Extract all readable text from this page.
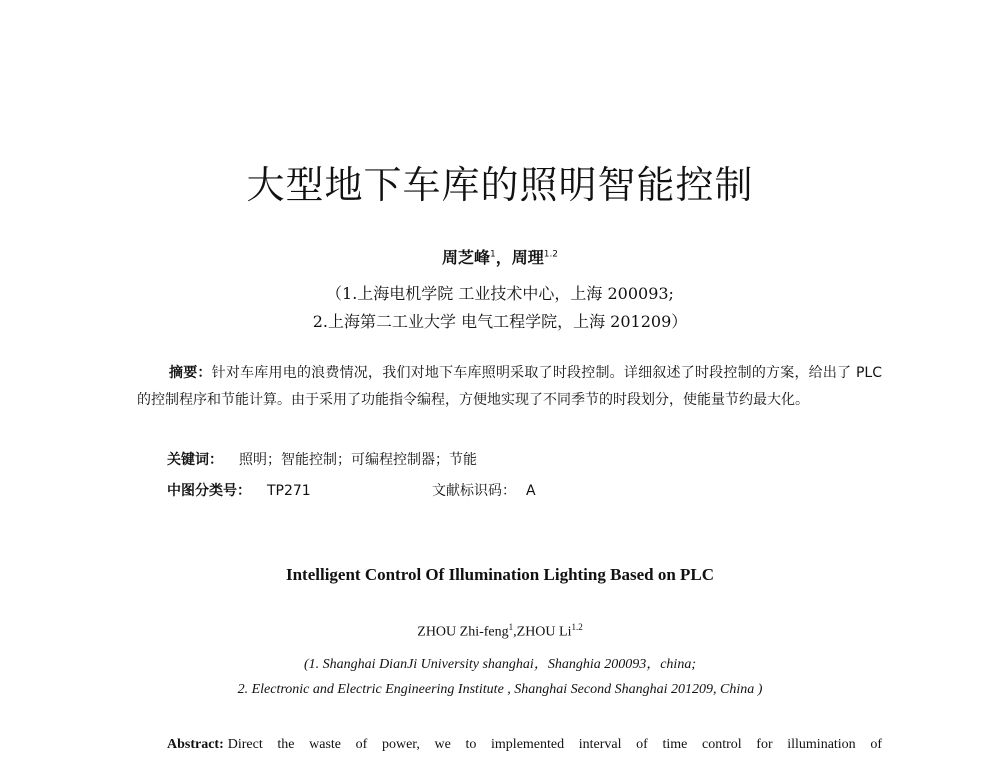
大型地下车库的照明智能控制
周芝峰$^1$，周理$^{1.2}$
（1.上海电机学院 工业技术中心，上海 200093;
2.上海第二工业大学 电气工程学院，上海 201209）
摘要：针对车库用电的浪费情况，我们对地下车库照明采取了时段控制。详细叙述了时段控制的方案，给出了 PLC 的控制程序和节能计算。由于采用了功能指令编程，方便地实现了不同季节的时段划分，使能量节约最大化。
关键词： 照明；智能控制；可编程控制器；节能
中图分类号： TP271	文献标识码： A
Intelligent Control Of Illumination Lighting Based on PLC
ZHOU Zhi-feng$^1$,ZHOU $Li^{1.2}$
(1. Shanghai DianJi University shanghai，Shanghia 200093，china;
2. Electronic and Electric Engineering Institute , Shanghai Second Shanghai 201209, China )
Abstract: Direct the waste of power, we to implemented interval of time control for illumination of
